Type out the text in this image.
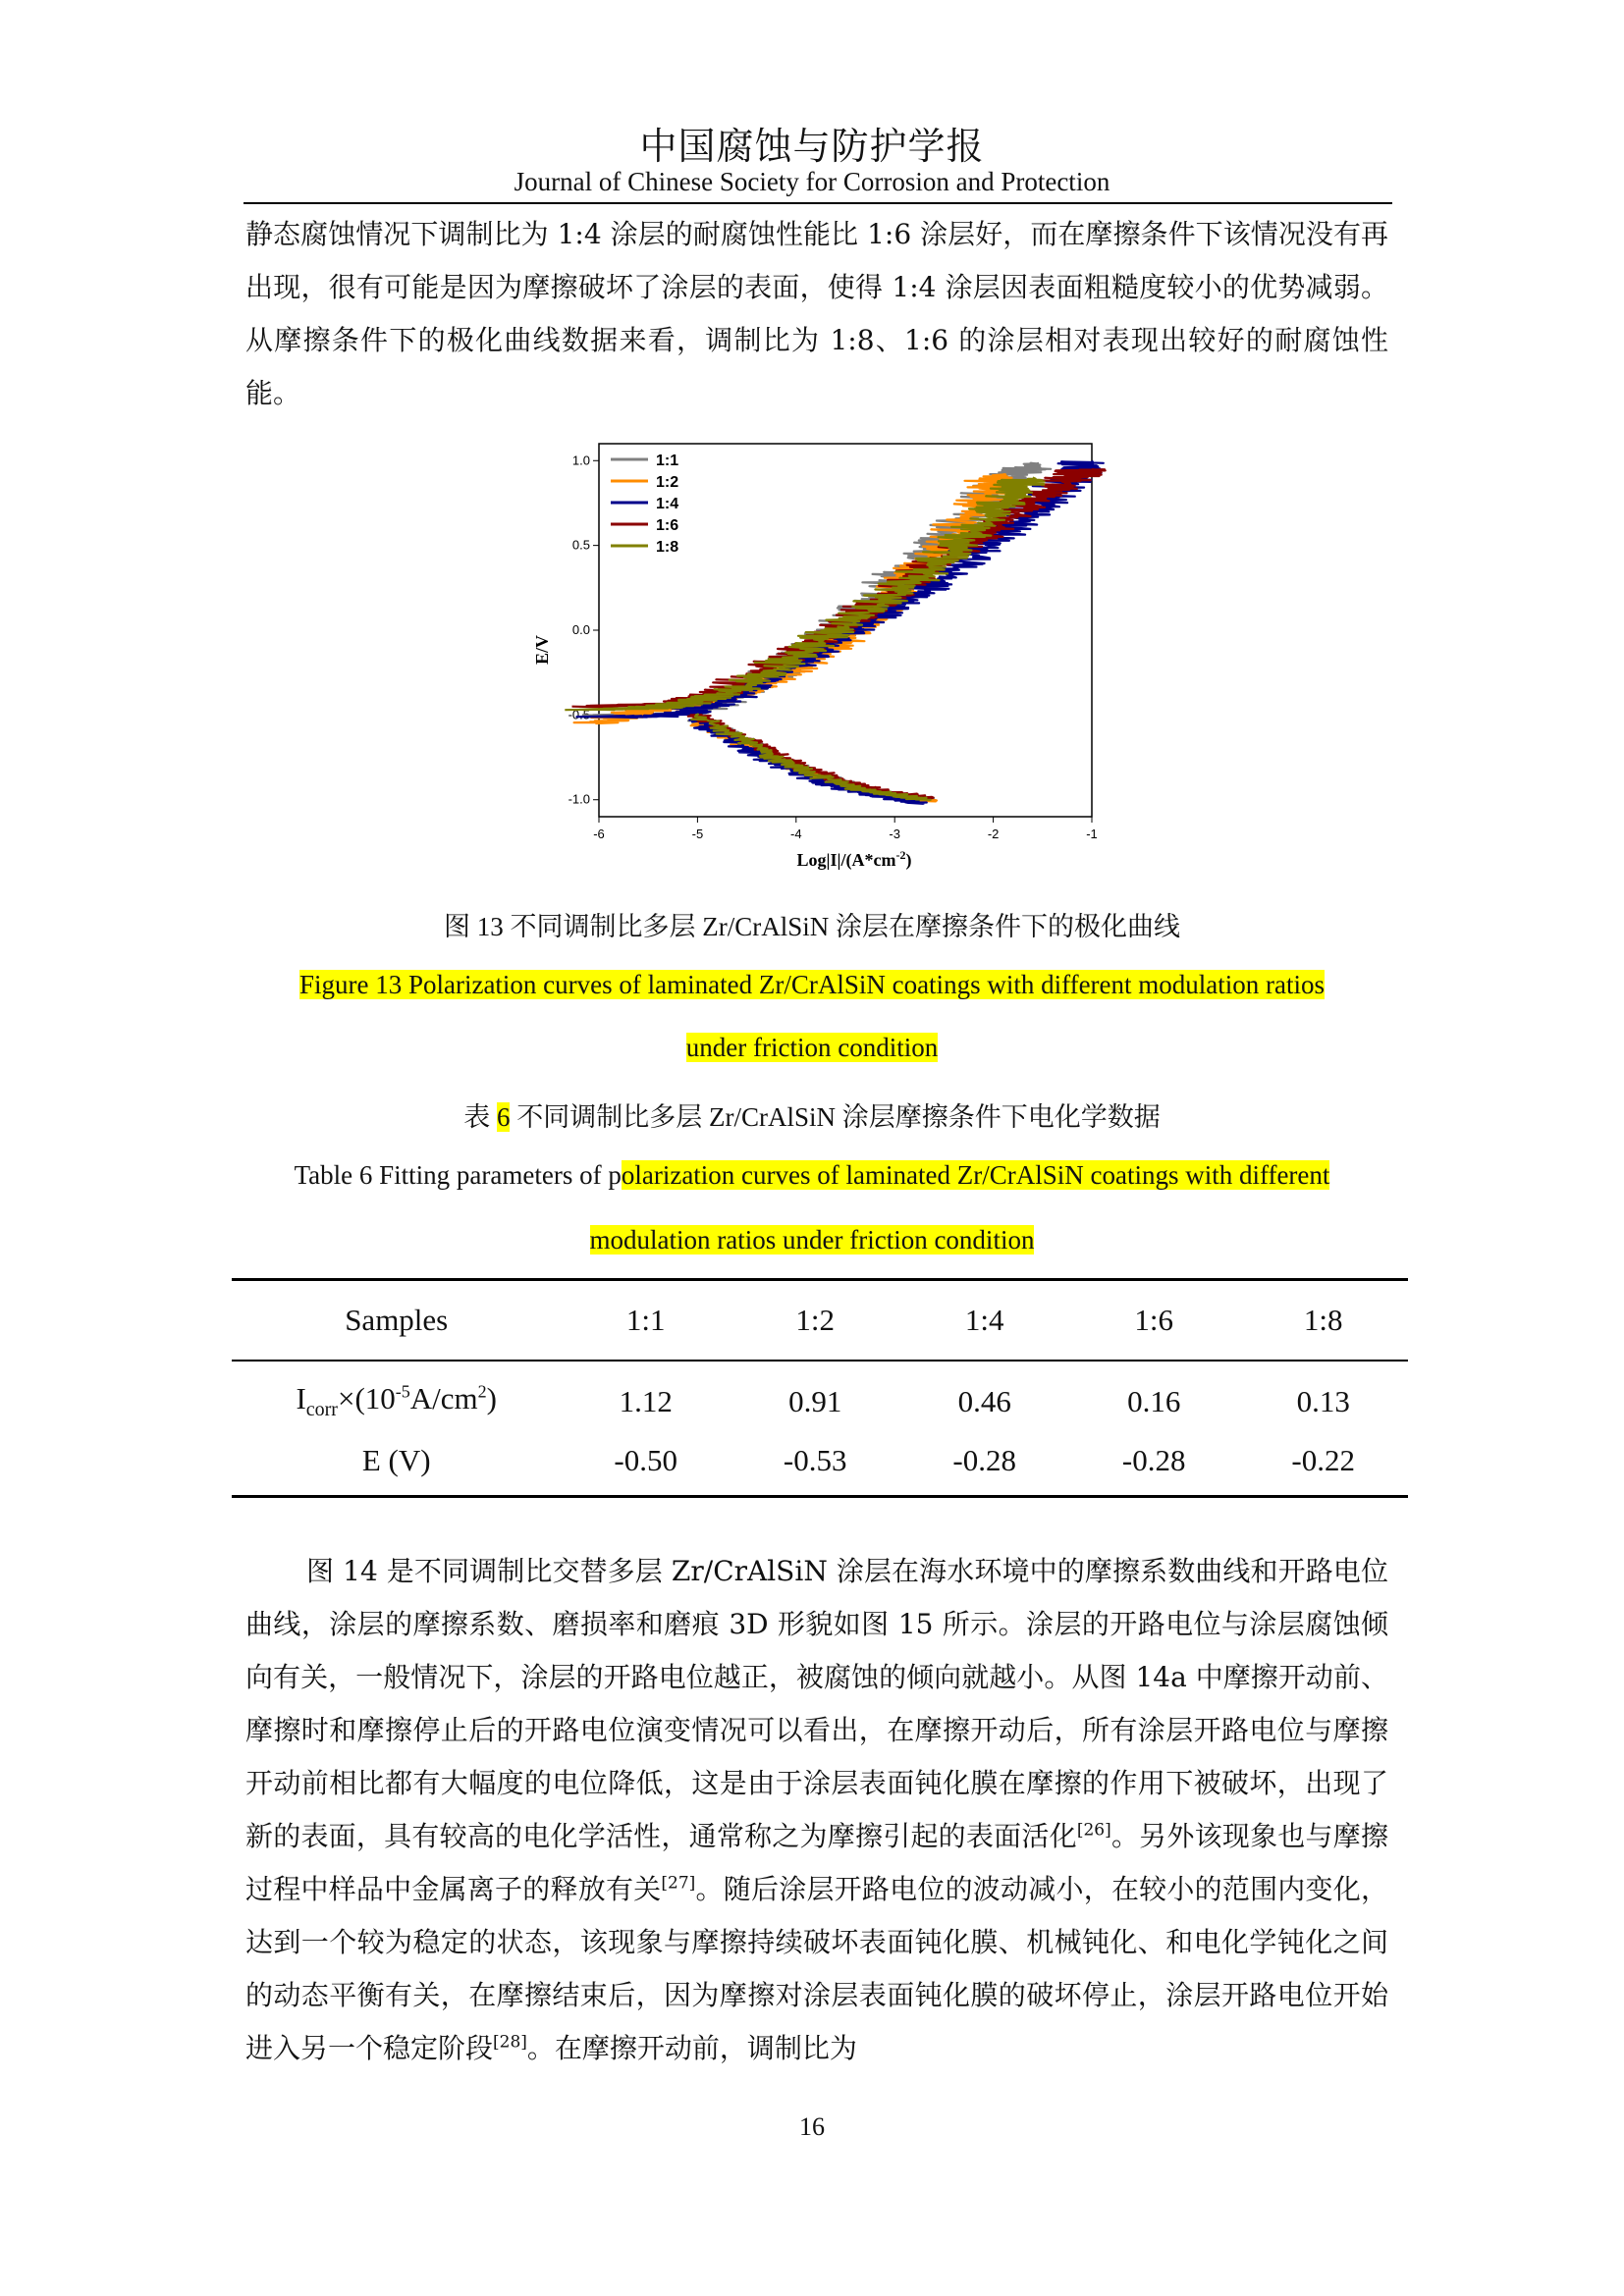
中国腐蚀与防护学报
Journal of Chinese Society for Corrosion and Protection

静态腐蚀情况下调制比为 1:4 涂层的耐腐蚀性能比 1:6 涂层好，而在摩擦条件下该情况没有再出现，很有可能是因为摩擦破坏了涂层的表面，使得 1:4 涂层因表面粗糙度较小的优势减弱。从摩擦条件下的极化曲线数据来看，调制比为 1:8、1:6 的涂层相对表现出较好的耐腐蚀性能。

-6	-5	-4	-3	-2	-1
-1.0
-0.5
0.0
0.5
1.0	1:1
1:2
1:4
1:6
1:8
E/V
$Log|I|/(A*cm^{-2})$
图 13 不同调制比多层 Zr/CrAlSiN 涂层在摩擦条件下的极化曲线
Figure 13 Polarization curves of laminated Zr/CrAlSiN coatings with different modulation ratios
under friction condition
表 6 不同调制比多层 Zr/CrAlSiN 涂层摩擦条件下电化学数据
Table 6 Fitting parameters of polarization curves of laminated Zr/CrAlSiN coatings with different
modulation ratios under friction condition
Samples	1:1	1:2	1:4	1:6	1:8
$I_{corr}\times(10^{-5}A/cm^2)$	1.12	0.91	0.46	0.16	0.13
E (V)	-0.50	-0.53	-0.28	-0.28	-0.22

图 14 是不同调制比交替多层 Zr/CrAlSiN 涂层在海水环境中的摩擦系数曲线和开路电位曲线，涂层的摩擦系数、磨损率和磨痕 3D 形貌如图 15 所示。涂层的开路电位与涂层腐蚀倾向有关，一般情况下，涂层的开路电位越正，被腐蚀的倾向就越小。从图 14a 中摩擦开动前、摩擦时和摩擦停止后的开路电位演变情况可以看出，在摩擦开动后，所有涂层开路电位与摩擦开动前相比都有大幅度的电位降低，这是由于涂层表面钝化膜在摩擦的作用下被破坏，出现了新的表面，具有较高的电化学活性，通常称之为摩擦引起的表面活化[26]。另外该现象也与摩擦过程中样品中金属离子的释放有关[27]。随后涂层开路电位的波动减小，在较小的范围内变化，达到一个较为稳定的状态，该现象与摩擦持续破坏表面钝化膜、机械钝化、和电化学钝化之间的动态平衡有关，在摩擦结束后，因为摩擦对涂层表面钝化膜的破坏停止，涂层开路电位开始进入另一个稳定阶段[28]。在摩擦开动前，调制比为

16
